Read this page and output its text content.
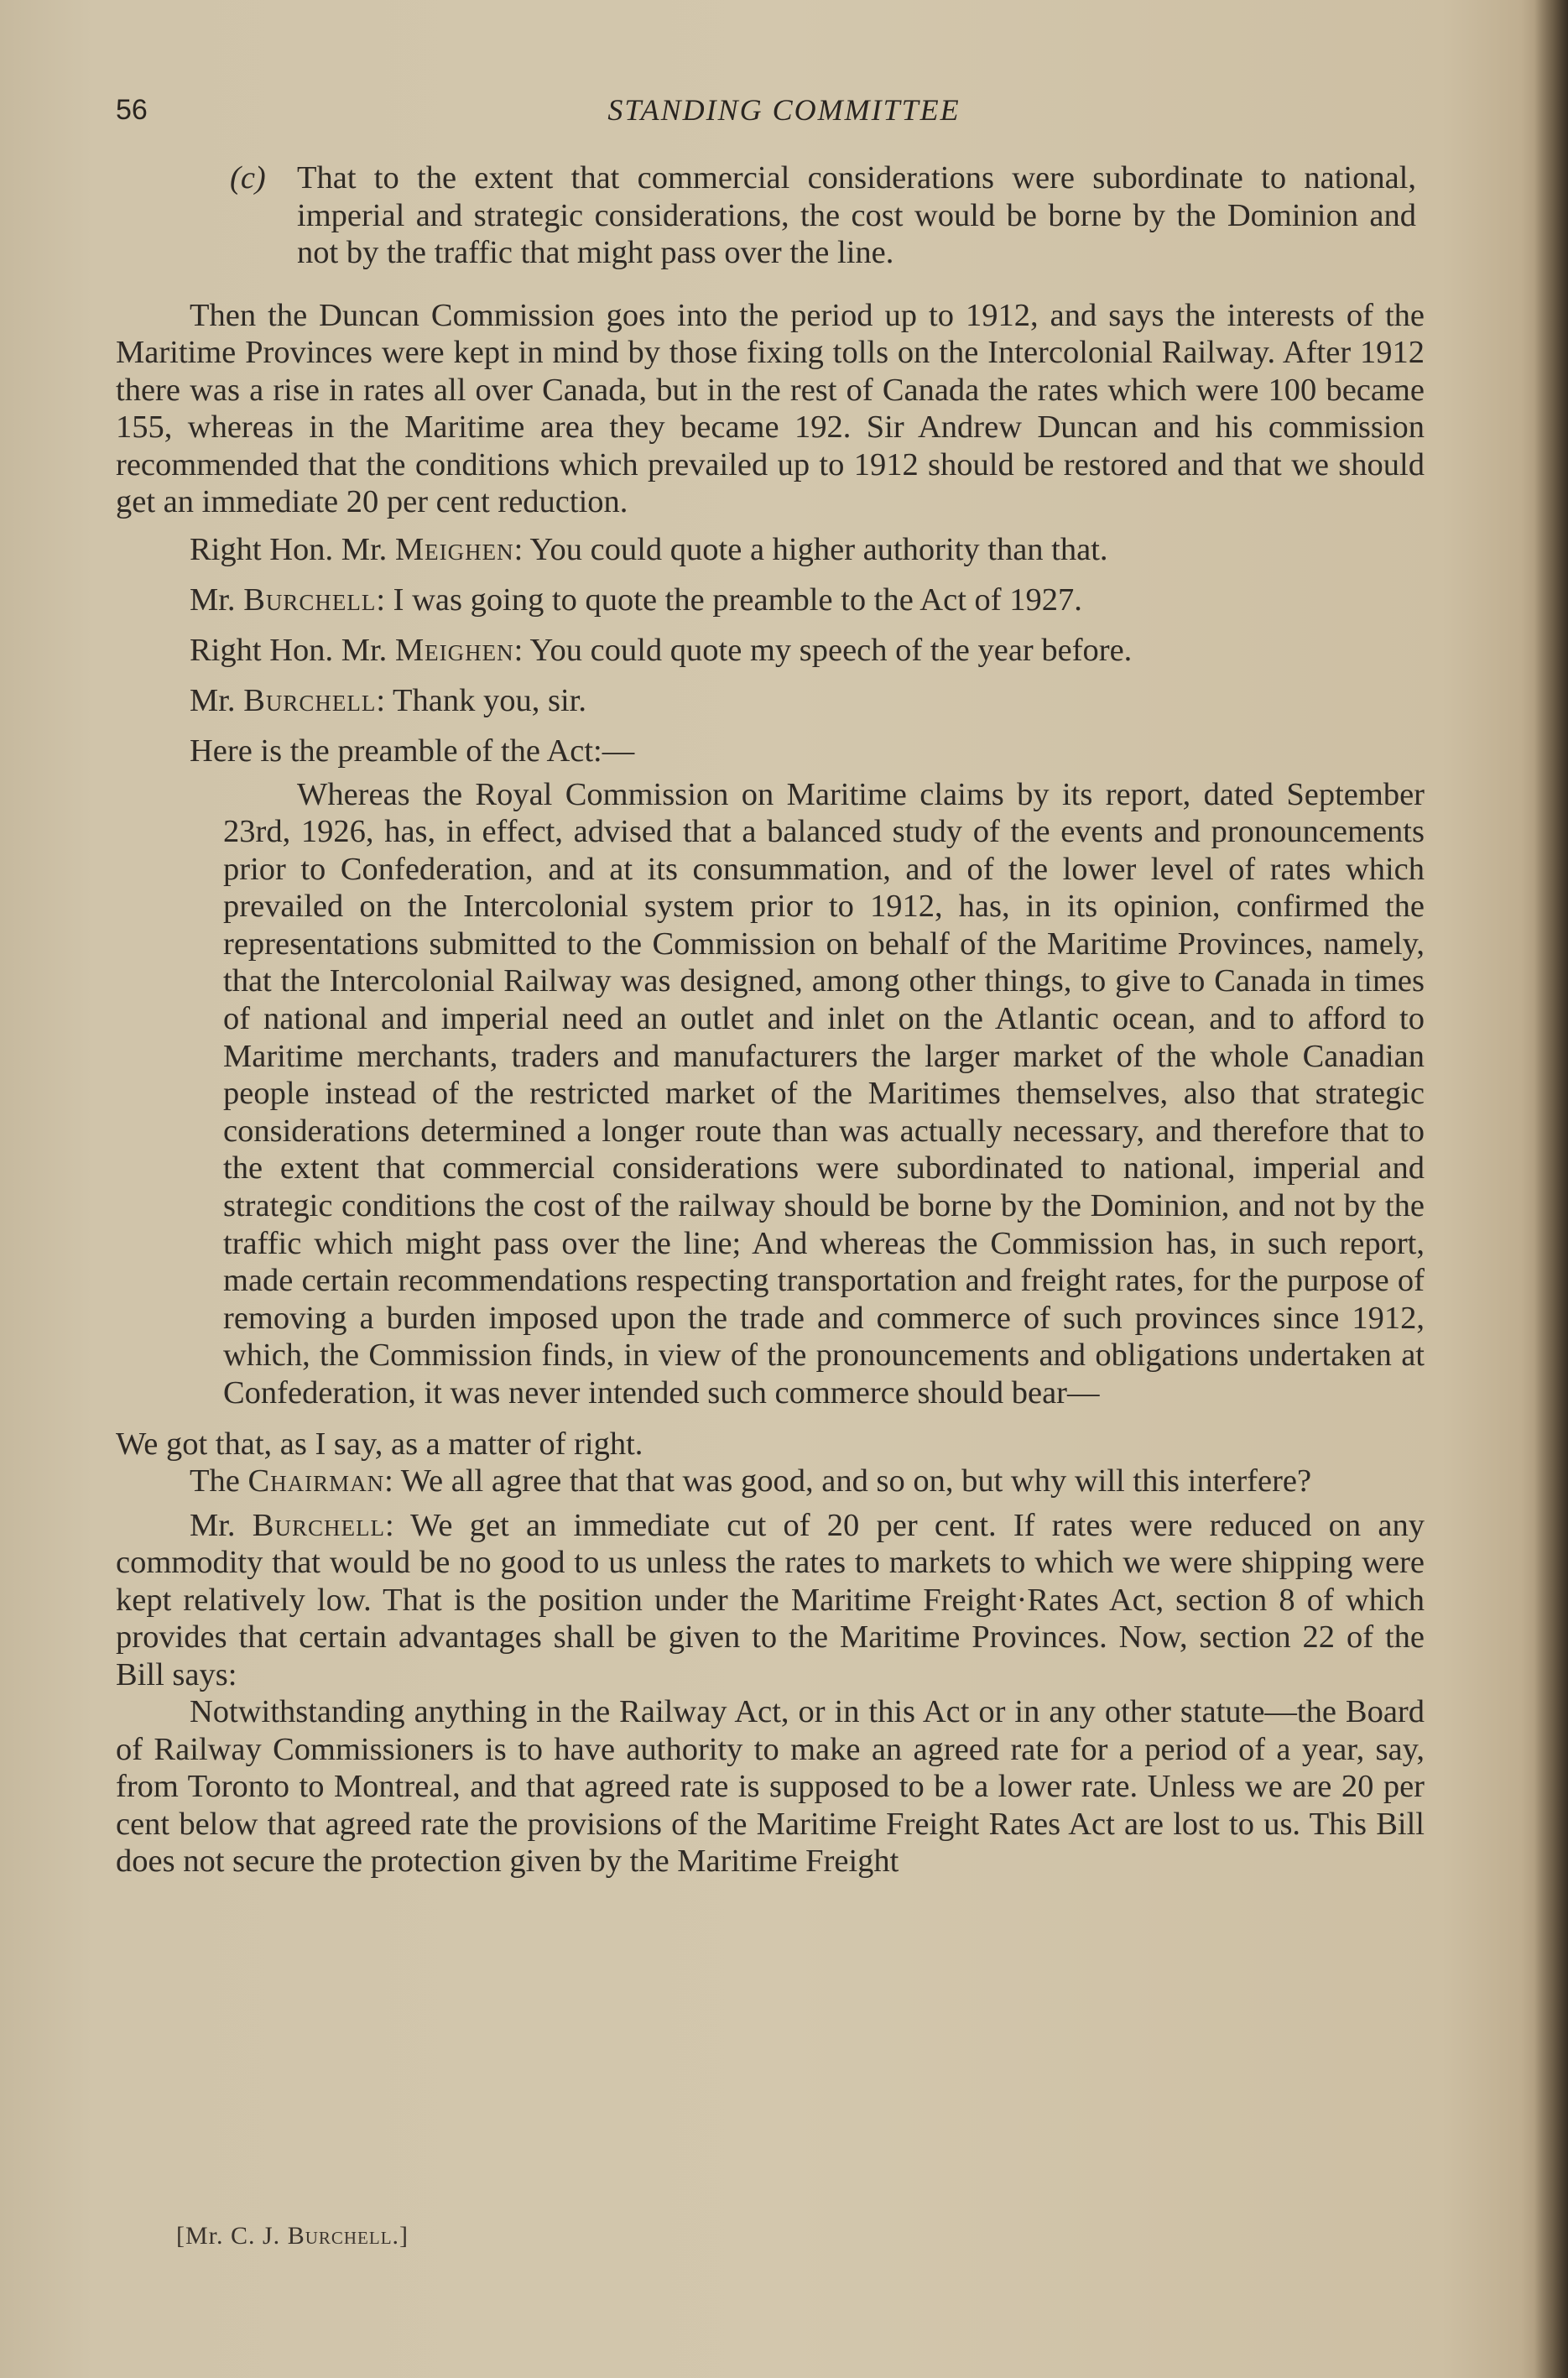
56	STANDING COMMITTEE

(c) That to the extent that commercial considerations were subordinate to national, imperial and strategic considerations, the cost would be borne by the Dominion and not by the traffic that might pass over the line.

Then the Duncan Commission goes into the period up to 1912, and says the interests of the Maritime Provinces were kept in mind by those fixing tolls on the Intercolonial Railway. After 1912 there was a rise in rates all over Canada, but in the rest of Canada the rates which were 100 became 155, whereas in the Maritime area they became 192. Sir Andrew Duncan and his commission recommended that the conditions which prevailed up to 1912 should be restored and that we should get an immediate 20 per cent reduction.

Right Hon. Mr. Meighen: You could quote a higher authority than that.

Mr. Burchell: I was going to quote the preamble to the Act of 1927.

Right Hon. Mr. Meighen: You could quote my speech of the year before.

Mr. Burchell: Thank you, sir.

Here is the preamble of the Act:—

Whereas the Royal Commission on Maritime claims by its report, dated September 23rd, 1926, has, in effect, advised that a balanced study of the events and pronouncements prior to Confederation, and at its consummation, and of the lower level of rates which prevailed on the Intercolonial system prior to 1912, has, in its opinion, confirmed the representations submitted to the Commission on behalf of the Maritime Provinces, namely, that the Intercolonial Railway was designed, among other things, to give to Canada in times of national and imperial need an outlet and inlet on the Atlantic ocean, and to afford to Maritime merchants, traders and manufacturers the larger market of the whole Canadian people instead of the restricted market of the Maritimes themselves, also that strategic considerations determined a longer route than was actually necessary, and therefore that to the extent that commercial considerations were subordinated to national, imperial and strategic conditions the cost of the railway should be borne by the Dominion, and not by the traffic which might pass over the line; And whereas the Commission has, in such report, made certain recommendations respecting transportation and freight rates, for the purpose of removing a burden imposed upon the trade and commerce of such provinces since 1912, which, the Commission finds, in view of the pronouncements and obligations undertaken at Confederation, it was never intended such commerce should bear—

We got that, as I say, as a matter of right.

The Chairman: We all agree that that was good, and so on, but why will this interfere?

Mr. Burchell: We get an immediate cut of 20 per cent. If rates were reduced on any commodity that would be no good to us unless the rates to markets to which we were shipping were kept relatively low. That is the position under the Maritime Freight·Rates Act, section 8 of which provides that certain advantages shall be given to the Maritime Provinces. Now, section 22 of the Bill says:

Notwithstanding anything in the Railway Act, or in this Act or in any other statute—the Board of Railway Commissioners is to have authority to make an agreed rate for a period of a year, say, from Toronto to Montreal, and that agreed rate is supposed to be a lower rate. Unless we are 20 per cent below that agreed rate the provisions of the Maritime Freight Rates Act are lost to us. This Bill does not secure the protection given by the Maritime Freight

[Mr. C. J. Burchell.]
